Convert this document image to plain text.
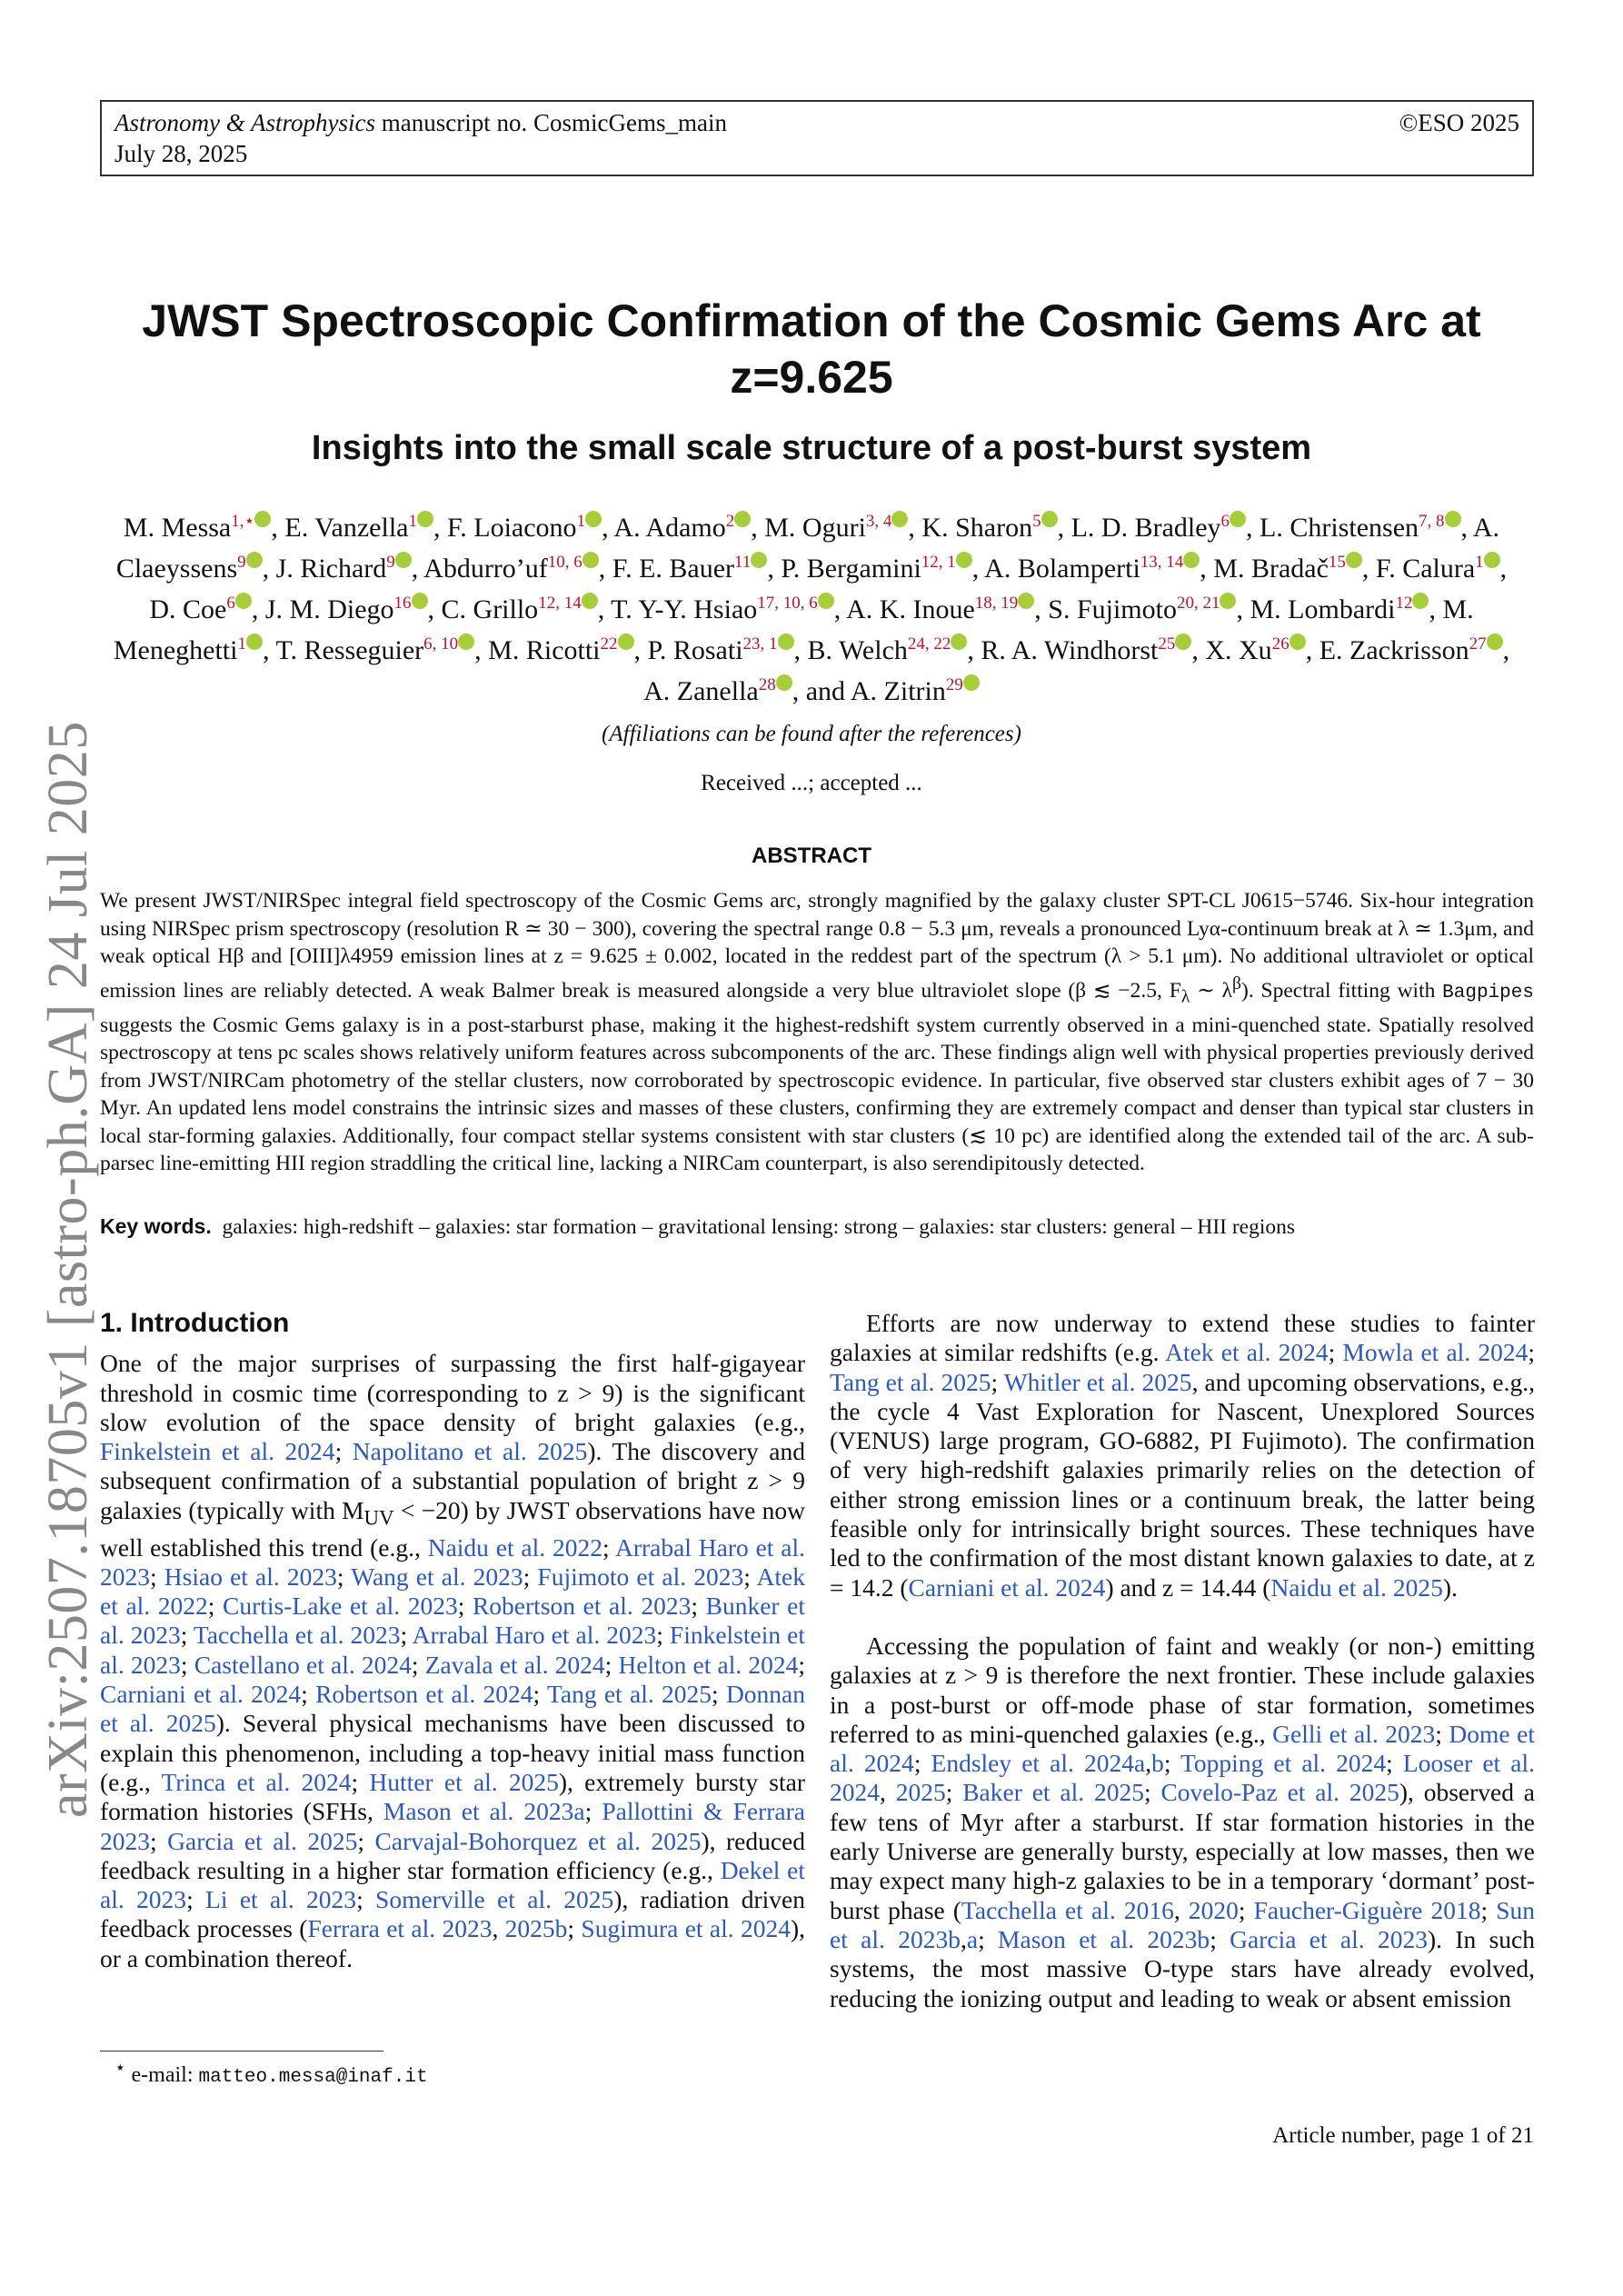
Astronomy & Astrophysics manuscript no. CosmicGems_main
July 28, 2025
©ESO 2025
arXiv:2507.18705v1 [astro-ph.GA] 24 Jul 2025
JWST Spectroscopic Confirmation of the Cosmic Gems Arc at
z=9.625
Insights into the small scale structure of a post-burst system
M. Messa$^{1,⋆}$ , E. Vanzella$^1$ , F. Loiacono$^1$ , A. Adamo$^2$ , M. Oguri$^{3, 4}$ , K. Sharon$^5$ , L. D. Bradley$^6$ , L. Christensen$^{7, 8}$ , A. Claeyssens$^9$ , J. Richard$^9$ , Abdurro’uf$^{10, 6}$ , F. E. Bauer$^{11}$ , P. Bergamini$^{12, 1}$ , A. Bolamperti$^{13, 14}$ , M. Bradač$^{15}$ , F. Calura$^1$ , D. Coe$^6$ , J. M. Diego$^{16}$ , C. Grillo$^{12, 14}$ , T. Y-Y. Hsiao$^{17, 10, 6}$ , A. K. Inoue$^{18, 19}$ , S. Fujimoto$^{20, 21}$ , M. Lombardi$^{12}$ , M. Meneghetti$^1$ , T. Resseguier$^{6, 10}$ , M. Ricotti$^{22}$ , P. Rosati$^{23, 1}$ , B. Welch$^{24, 22}$ , R. A. Windhorst$^{25}$ , X. Xu$^{26}$ , E. Zackrisson$^{27}$ , A. Zanella$^{28}$ , and A. Zitrin$^{29}$
(Affiliations can be found after the references)
Received ...; accepted ...
ABSTRACT
We present JWST/NIRSpec integral field spectroscopy of the Cosmic Gems arc, strongly magnified by the galaxy cluster SPT-CL J0615−5746. Six-hour integration using NIRSpec prism spectroscopy (resolution R ≃ 30 − 300), covering the spectral range 0.8 − 5.3 μm, reveals a pronounced Lyα-continuum break at λ ≃ 1.3μm, and weak optical Hβ and [OIII]λ4959 emission lines at z = 9.625 ± 0.002, located in the reddest part of the spectrum (λ > 5.1 μm). No additional ultraviolet or optical emission lines are reliably detected. A weak Balmer break is measured alongside a very blue ultraviolet slope (β ≲ −2.5, $F_\lambda$ ∼ $\lambda^\beta$). Spectral fitting with Bagpipes suggests the Cosmic Gems galaxy is in a post-starburst phase, making it the highest-redshift system currently observed in a mini-quenched state. Spatially resolved spectroscopy at tens pc scales shows relatively uniform features across subcomponents of the arc. These findings align well with physical properties previously derived from JWST/NIRCam photometry of the stellar clusters, now corroborated by spectroscopic evidence. In particular, five observed star clusters exhibit ages of 7 − 30 Myr. An updated lens model constrains the intrinsic sizes and masses of these clusters, confirming they are extremely compact and denser than typical star clusters in local star-forming galaxies. Additionally, four compact stellar systems consistent with star clusters (≲ 10 pc) are identified along the extended tail of the arc. A sub-parsec line-emitting HII region straddling the critical line, lacking a NIRCam counterpart, is also serendipitously detected.
Key words. galaxies: high-redshift – galaxies: star formation – gravitational lensing: strong – galaxies: star clusters: general – HII regions
1. Introduction

One of the major surprises of surpassing the first half-gigayear threshold in cosmic time (corresponding to z > 9) is the significant slow evolution of the space density of bright galaxies (e.g., Finkelstein et al. 2024; Napolitano et al. 2025). The discovery and subsequent confirmation of a substantial population of bright z > 9 galaxies (typically with $M_{UV} < -20$) by JWST observations have now well established this trend (e.g., Naidu et al. 2022; Arrabal Haro et al. 2023; Hsiao et al. 2023; Wang et al. 2023; Fujimoto et al. 2023; Atek et al. 2022; Curtis-Lake et al. 2023; Robertson et al. 2023; Bunker et al. 2023; Tacchella et al. 2023; Arrabal Haro et al. 2023; Finkelstein et al. 2023; Castellano et al. 2024; Zavala et al. 2024; Helton et al. 2024; Carniani et al. 2024; Robertson et al. 2024; Tang et al. 2025; Donnan et al. 2025). Several physical mechanisms have been discussed to explain this phenomenon, including a top-heavy initial mass function (e.g., Trinca et al. 2024; Hutter et al. 2025), extremely bursty star formation histories (SFHs, Mason et al. 2023a; Pallottini & Ferrara 2023; Garcia et al. 2025; Carvajal-Bohorquez et al. 2025), reduced feedback resulting in a higher star formation efficiency (e.g., Dekel et al. 2023; Li et al. 2023; Somerville et al. 2025), radiation driven feedback processes (Ferrara et al. 2023, 2025b; Sugimura et al. 2024), or a combination thereof.

Efforts are now underway to extend these studies to fainter galaxies at similar redshifts (e.g. Atek et al. 2024; Mowla et al. 2024; Tang et al. 2025; Whitler et al. 2025, and upcoming observations, e.g., the cycle 4 Vast Exploration for Nascent, Unexplored Sources (VENUS) large program, GO-6882, PI Fujimoto). The confirmation of very high-redshift galaxies primarily relies on the detection of either strong emission lines or a continuum break, the latter being feasible only for intrinsically bright sources. These techniques have led to the confirmation of the most distant known galaxies to date, at z = 14.2 (Carniani et al. 2024) and z = 14.44 (Naidu et al. 2025).

Accessing the population of faint and weakly (or non-) emitting galaxies at z > 9 is therefore the next frontier. These include galaxies in a post-burst or off-mode phase of star formation, sometimes referred to as mini-quenched galaxies (e.g., Gelli et al. 2023; Dome et al. 2024; Endsley et al. 2024a,b; Topping et al. 2024; Looser et al. 2024, 2025; Baker et al. 2025; Covelo-Paz et al. 2025), observed a few tens of Myr after a starburst. If star formation histories in the early Universe are generally bursty, especially at low masses, then we may expect many high-z galaxies to be in a temporary ‘dormant’ post-burst phase (Tacchella et al. 2016, 2020; Faucher-Giguère 2018; Sun et al. 2023b,a; Mason et al. 2023b; Garcia et al. 2023). In such systems, the most massive O-type stars have already evolved, reducing the ionizing output and leading to weak or absent emission

⋆ e-mail: matteo.messa@inaf.it
Article number, page 1 of 21
